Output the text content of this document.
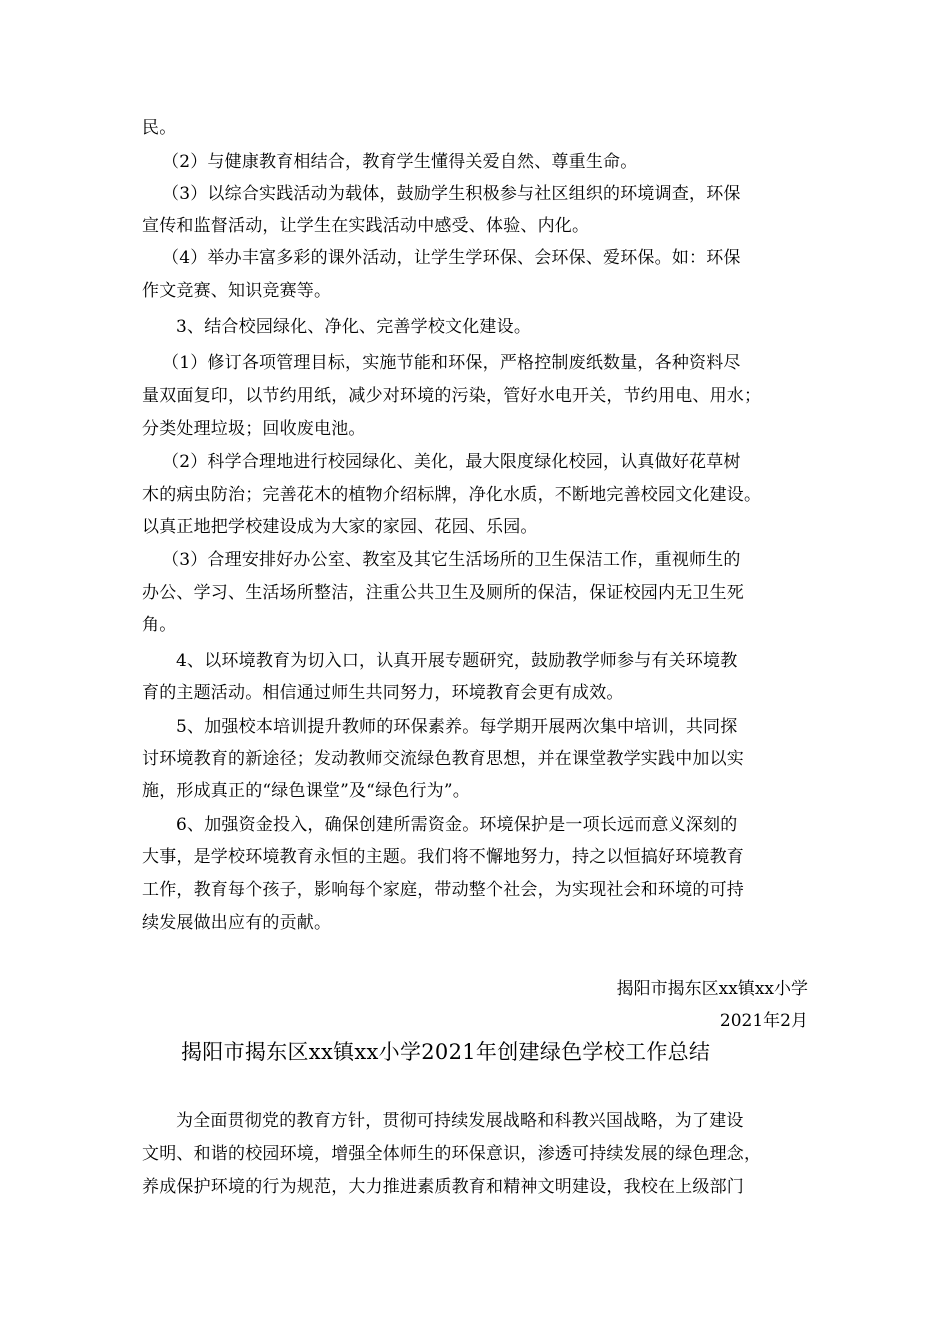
民。
（2）与健康教育相结合，教育学生懂得关爱自然、尊重生命。
（3）以综合实践活动为载体，鼓励学生积极参与社区组织的环境调查，环保
宣传和监督活动，让学生在实践活动中感受、体验、内化。
（4）举办丰富多彩的课外活动，让学生学环保、会环保、爱环保。如：环保
作文竞赛、知识竞赛等。
3、结合校园绿化、净化、完善学校文化建设。
（1）修订各项管理目标，实施节能和环保，严格控制废纸数量，各种资料尽
量双面复印，以节约用纸，减少对环境的污染，管好水电开关，节约用电、用水；
分类处理垃圾；回收废电池。
（2）科学合理地进行校园绿化、美化，最大限度绿化校园，认真做好花草树
木的病虫防治；完善花木的植物介绍标牌，净化水质，不断地完善校园文化建设。
以真正地把学校建设成为大家的家园、花园、乐园。
（3）合理安排好办公室、教室及其它生活场所的卫生保洁工作，重视师生的
办公、学习、生活场所整洁，注重公共卫生及厕所的保洁，保证校园内无卫生死
角。
4、以环境教育为切入口，认真开展专题研究，鼓励教学师参与有关环境教
育的主题活动。相信通过师生共同努力，环境教育会更有成效。
5、加强校本培训提升教师的环保素养。每学期开展两次集中培训，共同探
讨环境教育的新途径；发动教师交流绿色教育思想，并在课堂教学实践中加以实
施，形成真正的“绿色课堂”及“绿色行为”。
6、加强资金投入，确保创建所需资金。环境保护是一项长远而意义深刻的
大事，是学校环境教育永恒的主题。我们将不懈地努力，持之以恒搞好环境教育
工作，教育每个孩子，影响每个家庭，带动整个社会，为实现社会和环境的可持
续发展做出应有的贡献。
揭阳市揭东区xx镇xx小学
2021年2月
揭阳市揭东区xx镇xx小学2021年创建绿色学校工作总结
为全面贯彻党的教育方针，贯彻可持续发展战略和科教兴国战略，为了建设
文明、和谐的校园环境，增强全体师生的环保意识，渗透可持续发展的绿色理念，
养成保护环境的行为规范，大力推进素质教育和精神文明建设，我校在上级部门
